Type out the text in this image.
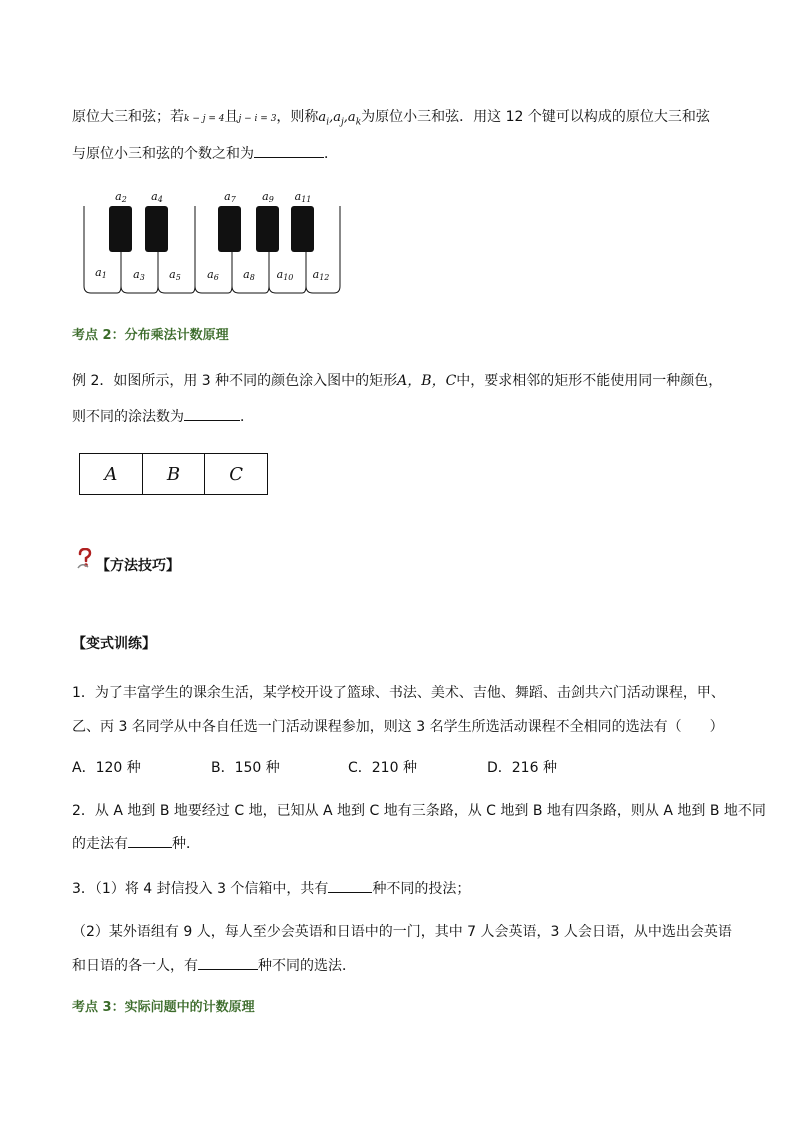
原位大三和弦；若k − j = 4且j − i = 3，则称$a_i,a_j,a_k$为原位小三和弦．用这 12 个键可以构成的原位大三和弦
与原位小三和弦的个数之和为	．
a2 a4	a7 a9 a11
a1 a3 a5 a6 a8 a10 a12
考点 2：分布乘法计数原理
例 2．如图所示，用 3 种不同的颜色涂入图中的矩形A，B，C中，要求相邻的矩形不能使用同一种颜色，
则不同的涂法数为	．
A	B	C
【方法技巧】
【变式训练】
1．为了丰富学生的课余生活，某学校开设了篮球、书法、美术、吉他、舞蹈、击剑共六门活动课程，甲、
乙、丙 3 名同学从中各自任选一门活动课程参加，则这 3 名学生所选活动课程不全相同的选法有（　　）
A．120 种	B．150 种	C．210 种	D．216 种
2．从 A 地到 B 地要经过 C 地，已知从 A 地到 C 地有三条路，从 C 地到 B 地有四条路，则从 A 地到 B 地不同
的走法有	种．
3．（1）将 4 封信投入 3 个信箱中，共有	种不同的投法；
（2）某外语组有 9 人，每人至少会英语和日语中的一门，其中 7 人会英语，3 人会日语，从中选出会英语
和日语的各一人，有	种不同的选法．
考点 3：实际问题中的计数原理
